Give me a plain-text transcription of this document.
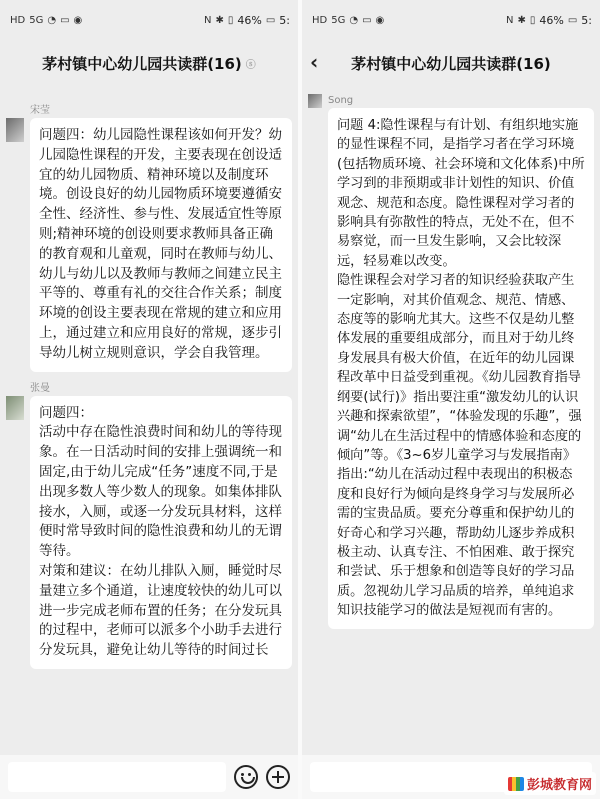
HD 5G ◔ ▭ ◉	N ✱ ▯ 46% ▭ 5:
茅村镇中心幼儿园共读群(16) ⓢ
宋莹
问题四：幼儿园隐性课程该如何开发？幼儿园隐性课程的开发，主要表现在创设适宜的幼儿园物质、精神环境以及制度环境。创设良好的幼儿园物质环境要遵循安全性、经济性、参与性、发展适宜性等原则;精神环境的创设则要求教师具备正确的教育观和儿童观，同时在教师与幼儿、幼儿与幼儿以及教师与教师之间建立民主平等的、尊重有礼的交往合作关系；制度环境的创设主要表现在常规的建立和应用上，通过建立和应用良好的常规，逐步引导幼儿树立规则意识，学会自我管理。
张曼
问题四：
活动中存在隐性浪费时间和幼儿的等待现象。在一日活动时间的安排上强调统一和固定,由于幼儿完成“任务”速度不同,于是出现多数人等少数人的现象。如集体排队接水，入厕，或逐一分发玩具材料，这样便时常导致时间的隐性浪费和幼儿的无谓等待。
对策和建议：在幼儿排队入厕，睡觉时尽量建立多个通道，让速度较快的幼儿可以进一步完成老师布置的任务；在分发玩具的过程中，老师可以派多个小助手去进行分发玩具，避免让幼儿等待的时间过长
HD 5G ◔ ▭ ◉	N ✱ ▯ 46% ▭ 5:
‹ 茅村镇中心幼儿园共读群(16)
Song
问题 4:隐性课程与有计划、有组织地实施的显性课程不同，是指学习者在学习环境(包括物质环境、社会环境和文化体系)中所学习到的非预期或非计划性的知识、价值观念、规范和态度。隐性课程对学习者的影响具有弥散性的特点，无处不在，但不易察觉，而一旦发生影响，又会比较深远，轻易难以改变。
隐性课程会对学习者的知识经验获取产生一定影响，对其价值观念、规范、情感、态度等的影响尤其大。这些不仅是幼儿整体发展的重要组成部分，而且对于幼儿终身发展具有极大价值，在近年的幼儿园课程改革中日益受到重视。《幼儿园教育指导纲要(试行)》指出要注重“激发幼儿的认识兴趣和探索欲望”，“体验发现的乐趣”，强调“幼儿在生活过程中的情感体验和态度的倾向”等。《3~6岁儿童学习与发展指南》指出:“幼儿在活动过程中表现出的积极态度和良好行为倾向是终身学习与发展所必需的宝贵品质。要充分尊重和保护幼儿的好奇心和学习兴趣，帮助幼儿逐步养成积极主动、认真专注、不怕困难、敢于探究和尝试、乐于想象和创造等良好的学习品质。忽视幼儿学习品质的培养，单纯追求知识技能学习的做法是短视而有害的。
彭城教育网
